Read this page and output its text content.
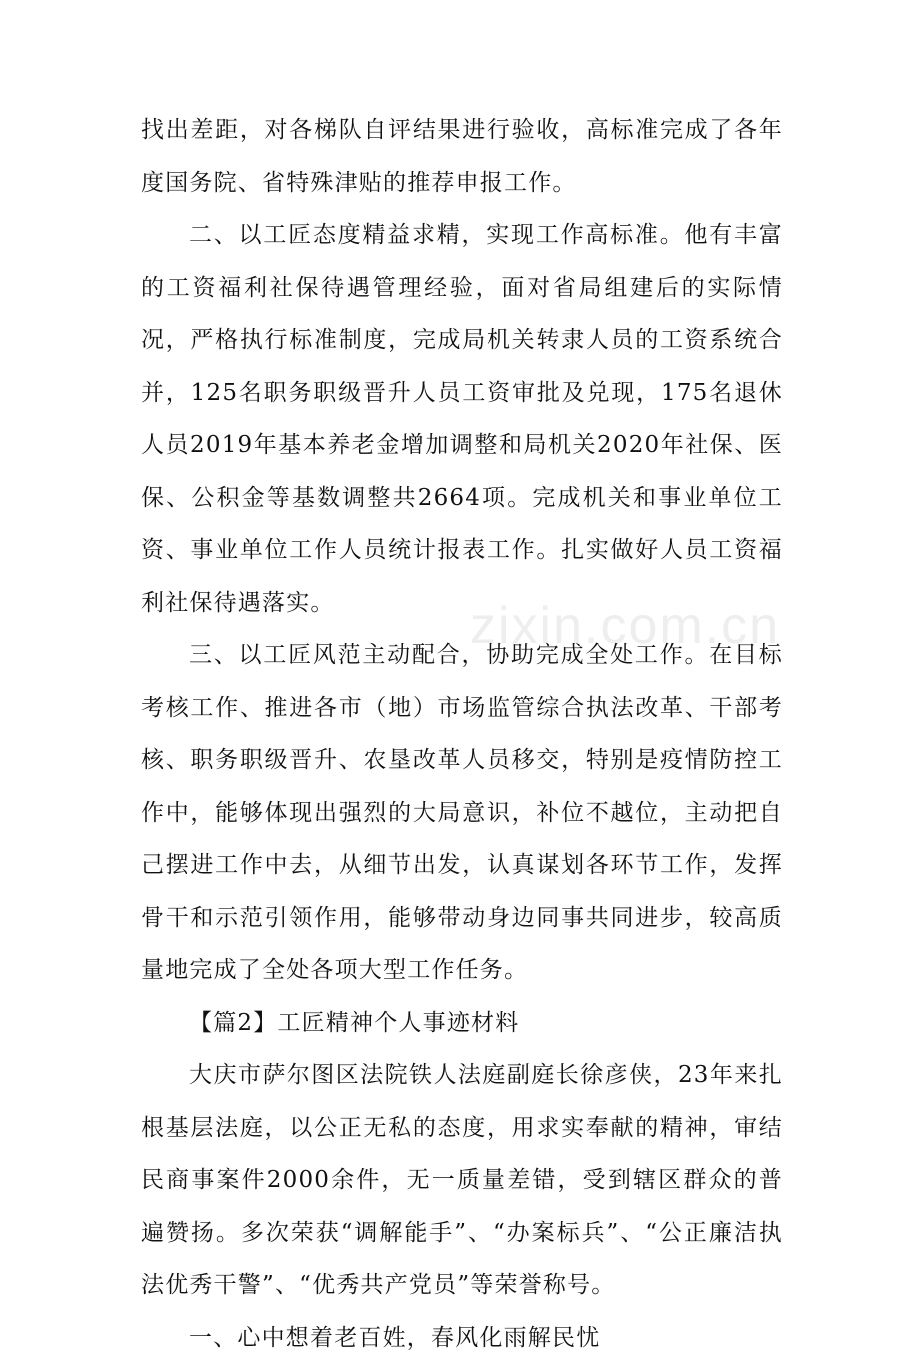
找出差距，对各梯队自评结果进行验收，高标准完成了各年度国务院、省特殊津贴的推荐申报工作。

二、以工匠态度精益求精，实现工作高标准。他有丰富的工资福利社保待遇管理经验，面对省局组建后的实际情况，严格执行标准制度，完成局机关转隶人员的工资系统合并，125名职务职级晋升人员工资审批及兑现，175名退休人员2019年基本养老金增加调整和局机关2020年社保、医保、公积金等基数调整共2664项。完成机关和事业单位工资、事业单位工作人员统计报表工作。扎实做好人员工资福利社保待遇落实。

三、以工匠风范主动配合，协助完成全处工作。在目标考核工作、推进各市（地）市场监管综合执法改革、干部考核、职务职级晋升、农垦改革人员移交，特别是疫情防控工作中，能够体现出强烈的大局意识，补位不越位，主动把自己摆进工作中去，从细节出发，认真谋划各环节工作，发挥骨干和示范引领作用，能够带动身边同事共同进步，较高质量地完成了全处各项大型工作任务。

【篇2】工匠精神个人事迹材料

大庆市萨尔图区法院铁人法庭副庭长徐彦侠，23年来扎根基层法庭，以公正无私的态度，用求实奉献的精神，审结民商事案件2000余件，无一质量差错，受到辖区群众的普遍赞扬。多次荣获“调解能手”、“办案标兵”、“公正廉洁执法优秀干警”、“优秀共产党员”等荣誉称号。

一、心中想着老百姓，春风化雨解民忧

zixin.com.cn
